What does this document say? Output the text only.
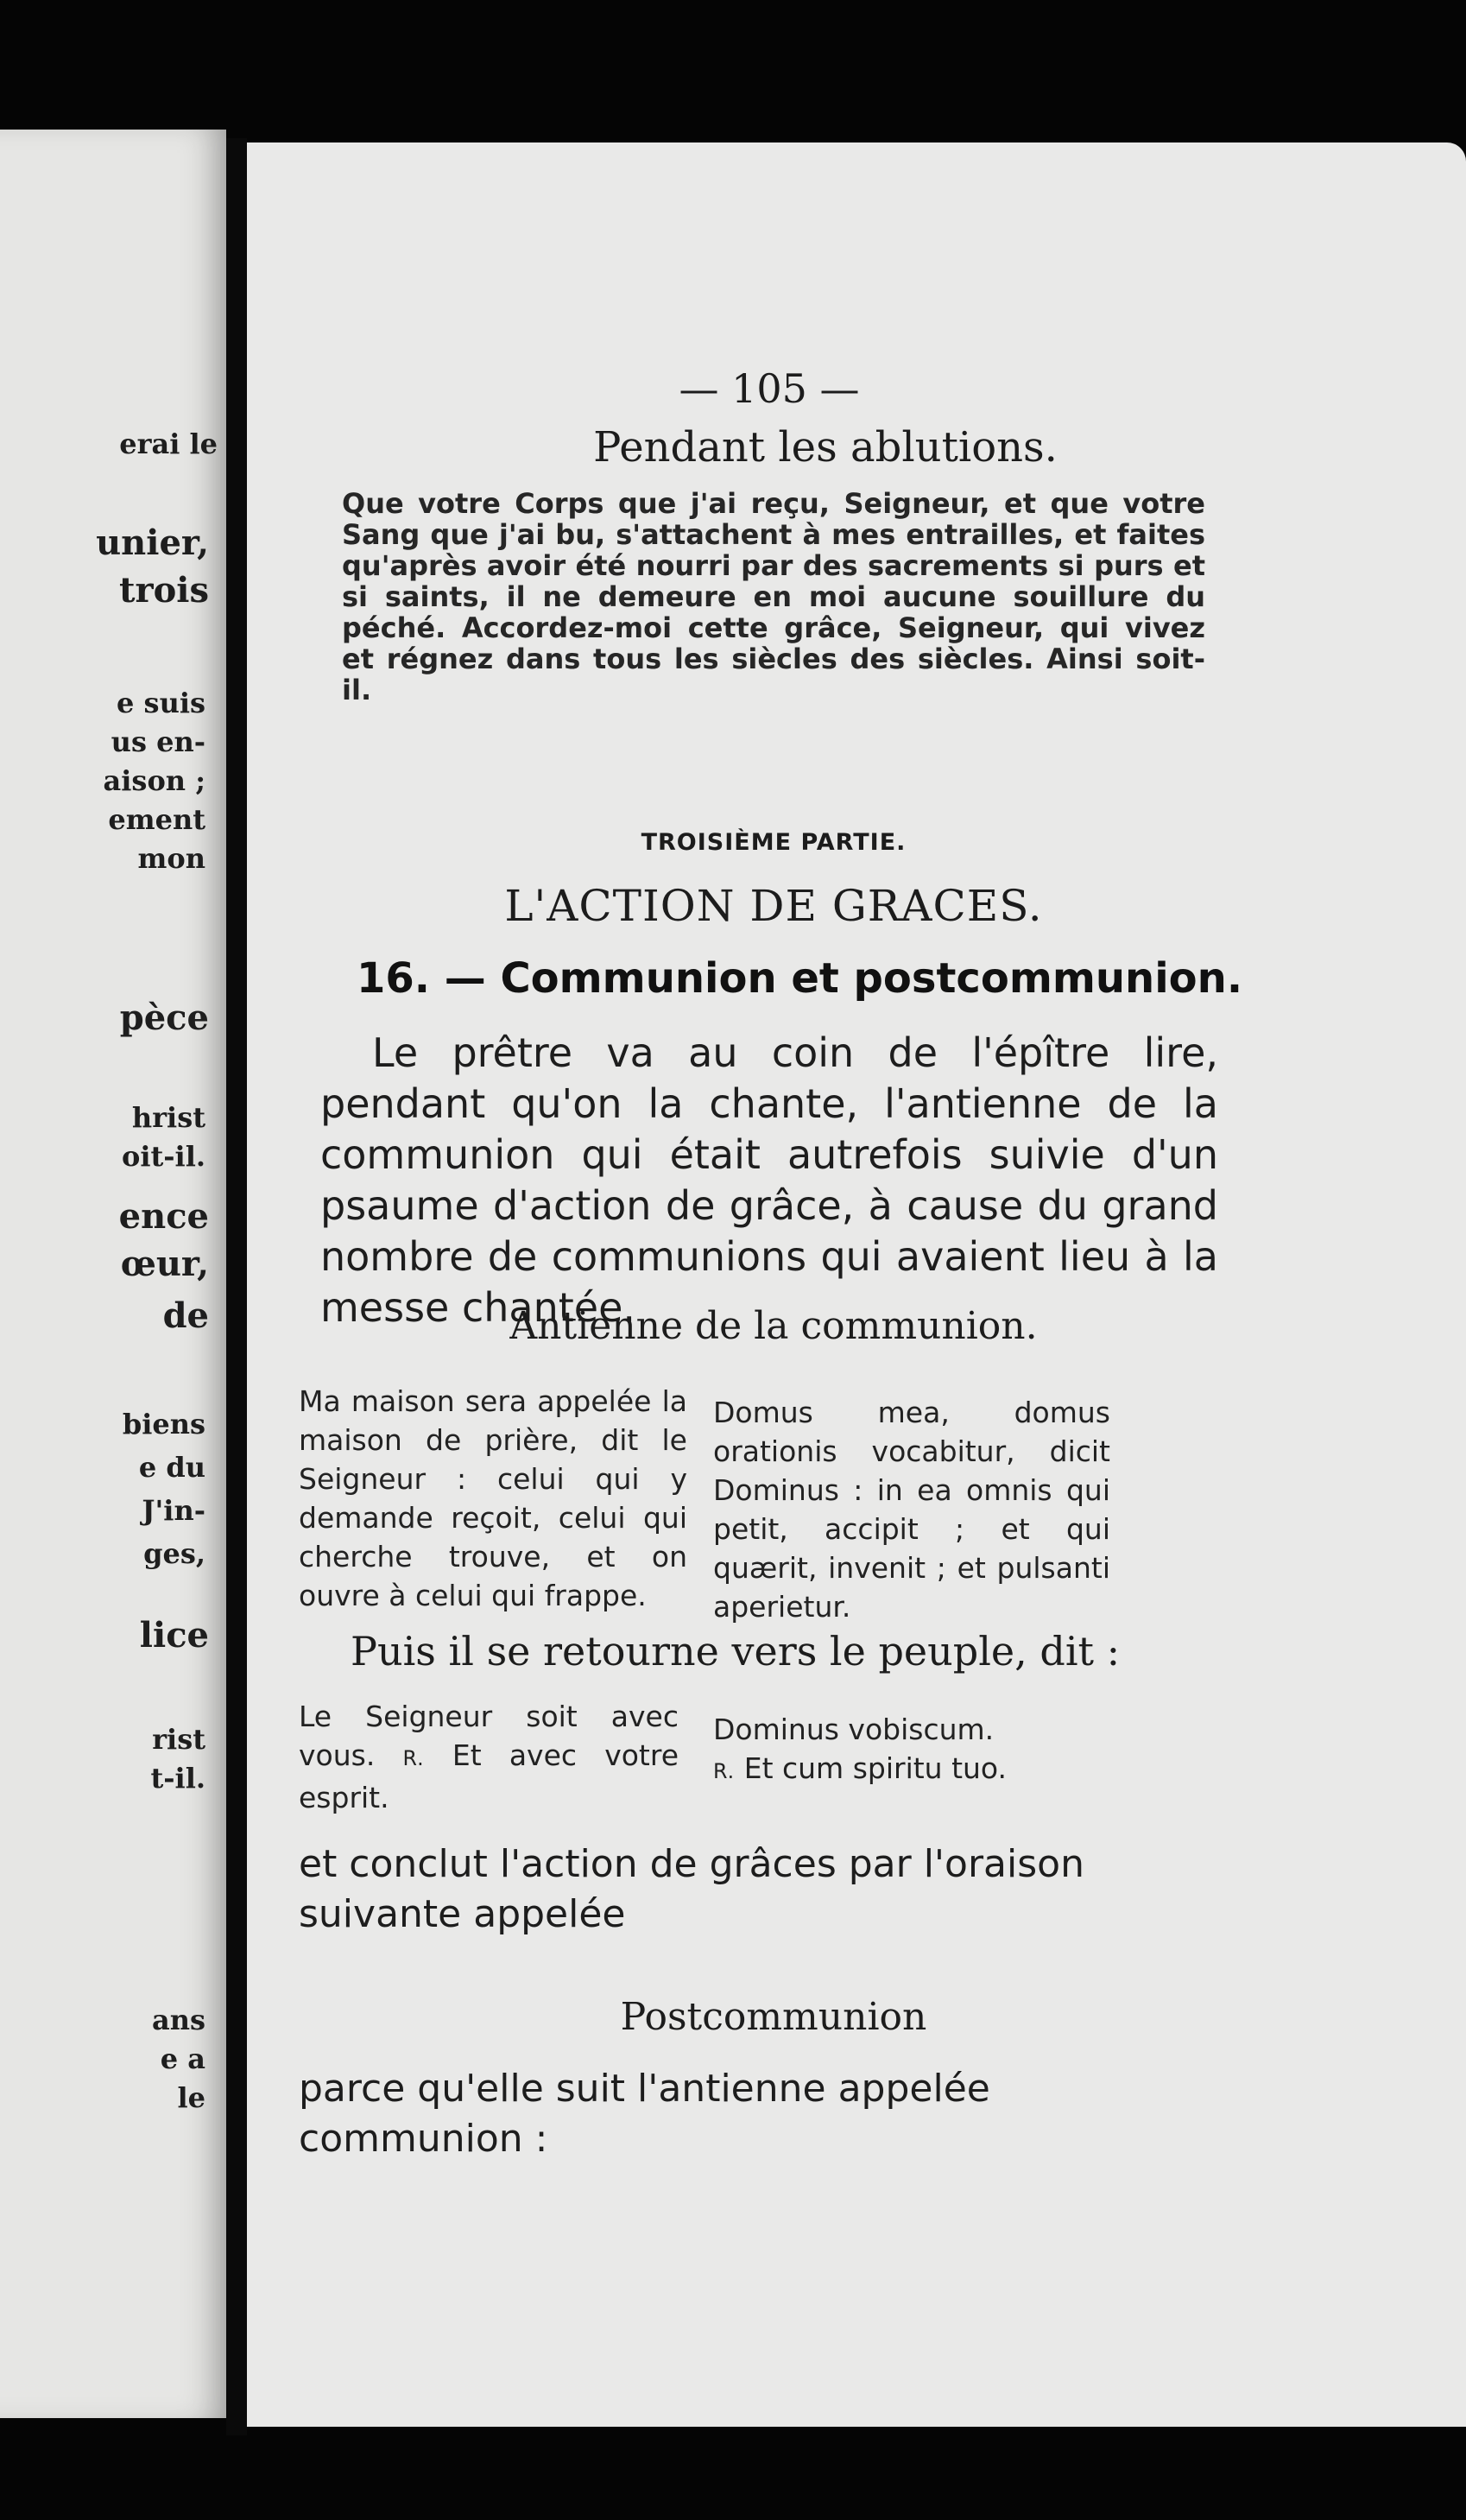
erai le
unier,
trois
e suis
us en-
aison ;
ement
mon
pèce
hrist
oit-il.
ence
œur,
de
biens
e du
J'in-
ges,
lice
rist
t-il.
ans
e a
le
— 105 —
Pendant les ablutions.

Que votre Corps que j'ai reçu, Seigneur, et que votre Sang que j'ai bu, s'attachent à mes entrailles, et faites qu'après avoir été nourri par des sacrements si purs et si saints, il ne demeure en moi aucune souillure du péché. Accordez-moi cette grâce, Seigneur, qui vivez et régnez dans tous les siècles des siècles. Ainsi soit-il.

TROISIÈME PARTIE.
L'ACTION DE GRACES.
16. — Communion et postcommunion.

Le prêtre va au coin de l'épître lire, pendant qu'on la chante, l'antienne de la communion qui était autrefois suivie d'un psaume d'action de grâce, à cause du grand nombre de communions qui avaient lieu à la messe chantée.

Antienne de la communion.

Ma maison sera appelée la maison de prière, dit le Seigneur : celui qui y demande reçoit, celui qui cherche trouve, et on ouvre à celui qui frappe.

Domus mea, domus orationis vocabitur, dicit Dominus : in ea omnis qui petit, accipit ; et qui quærit, invenit ; et pulsanti aperietur.

Puis il se retourne vers le peuple, dit :

Le Seigneur soit avec vous. R. Et avec votre esprit.

Dominus vobiscum.
R. Et cum spiritu tuo.

et conclut l'action de grâces par l'oraison suivante appelée

Postcommunion

parce qu'elle suit l'antienne appelée communion :
